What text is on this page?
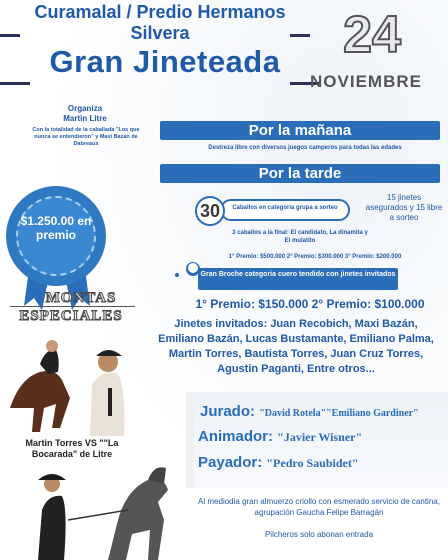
Curamalal / Predio Hermanos
Silvera
Gran Jineteada	24
NOVIEMBRE
Organiza
Martin Litre
Con la totalidad de la caballada "Los que nunca se entendieron" y Maxi Bazán de Dabreaux
$1.250.00 en premio
Por la mañana
Destreza libre con diversos juegos camperos para todas las edades
Por la tarde
Caballos en categoria grupa a sorteo
30
15 jinetes asegurados y 15 libre a sorteo
3 caballos a la final: El candidato, La dinamita y El mulatito
1° Premio: $500.000 2° Premio: $300.000 3° Premio: $200.000
Gran Broche categoria cuero tendido con jinetes invitados
1° Premio: $150.000 2° Premio: $100.000
Jinetes invitados: Juan Recobich, Maxi Bazán, Emiliano Bazán, Lucas Bustamante, Emiliano Palma, Martin Torres, Bautista Torres, Juan Cruz Torres, Agustin Paganti, Entre otros...
MONTAS
ESPECIALES
Martin Torres VS ""La Bocarada" de Litre
Jurado: "David Rotela""Emiliano Gardiner"
Animador: "Javier Wisner"
Payador: "Pedro Saubidet"
Al mediodia gran almuerzo criollo con esmerado servicio de cantina, agrupación Gaucha Felipe Barragán
Pilcheros solo abonan entrada
